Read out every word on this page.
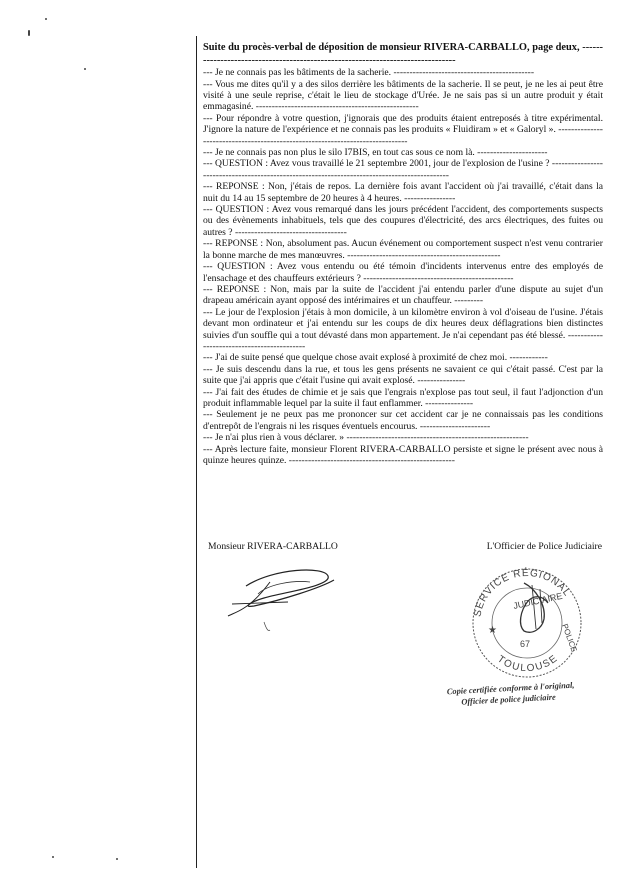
Suite du procès-verbal de déposition de monsieur RIVERA-CARBALLO, page deux, -------------------------------------------------------------------------------

--- Je ne connais pas les bâtiments de la sacherie. --------------------------------------------

--- Vous me dites qu'il y a des silos derrière les bâtiments de la sacherie. Il se peut, je ne les ai peut être visité à une seule reprise, c'était le lieu de stockage d'Urée. Je ne sais pas si un autre produit y était emmagasiné. ---------------------------------------------------

--- Pour répondre à votre question, j'ignorais que des produits étaient entreposés à titre expérimental. J'ignore la nature de l'expérience et ne connais pas les produits « Fluidiram » et « Galoryl ». ------------------------------------------------------------------------------

--- Je ne connais pas non plus le silo I7BIS, en tout cas sous ce nom là. ----------------------

--- QUESTION : Avez vous travaillé le 21 septembre 2001, jour de l'explosion de l'usine ? ---------------------------------------------------------------------------------------------

--- REPONSE : Non, j'étais de repos. La dernière fois avant l'accident où j'ai travaillé, c'était dans la nuit du 14 au 15 septembre de 20 heures à 4 heures. ----------------

--- QUESTION : Avez vous remarqué dans les jours précédent l'accident, des comportements suspects ou des évènements inhabituels, tels que des coupures d'électricité, des arcs électriques, des fuites ou autres ? -----------------------------------

--- REPONSE : Non, absolument pas. Aucun événement ou comportement suspect n'est venu contrarier la bonne marche de mes manœuvres. ------------------------------------------------

--- QUESTION : Avez vous entendu ou été témoin d'incidents intervenus entre des employés de l'ensachage et des chauffeurs extérieurs ? -----------------------------------------------

--- REPONSE : Non, mais par la suite de l'accident j'ai entendu parler d'une dispute au sujet d'un drapeau américain ayant opposé des intérimaires et un chauffeur. ---------

--- Le jour de l'explosion j'étais à mon domicile, à un kilomètre environ à vol d'oiseau de l'usine. J'étais devant mon ordinateur et j'ai entendu sur les coups de dix heures deux déflagrations bien distinctes suivies d'un souffle qui a tout dévasté dans mon appartement. Je n'ai cependant pas été blessé. -------------------------------------------

--- J'ai de suite pensé que quelque chose avait explosé à proximité de chez moi. ------------

--- Je suis descendu dans la rue, et tous les gens présents ne savaient ce qui c'était passé. C'est par la suite que j'ai appris que c'était l'usine qui avait explosé. ---------------

--- J'ai fait des études de chimie et je sais que l'engrais n'explose pas tout seul, il faut l'adjonction d'un produit inflammable lequel par la suite il faut enflammer. ---------------

--- Seulement je ne peux pas me prononcer sur cet accident car je ne connaissais pas les conditions d'entrepôt de l'engrais ni les risques éventuels encourus. ----------------------

--- Je n'ai plus rien à vous déclarer. » ---------------------------------------------------------

--- Après lecture faite, monsieur Florent RIVERA-CARBALLO persiste et signe le présent avec nous à quinze heures quinze. ----------------------------------------------------

Monsieur RIVERA-CARBALLO	L'Officier de Police Judiciaire
SERVICE RÉGIONAL
POLICE
JUDICIAIRE
★
67
TOULOUSE
Copie certifiée conforme à l'original,
Officier de police judiciaire
